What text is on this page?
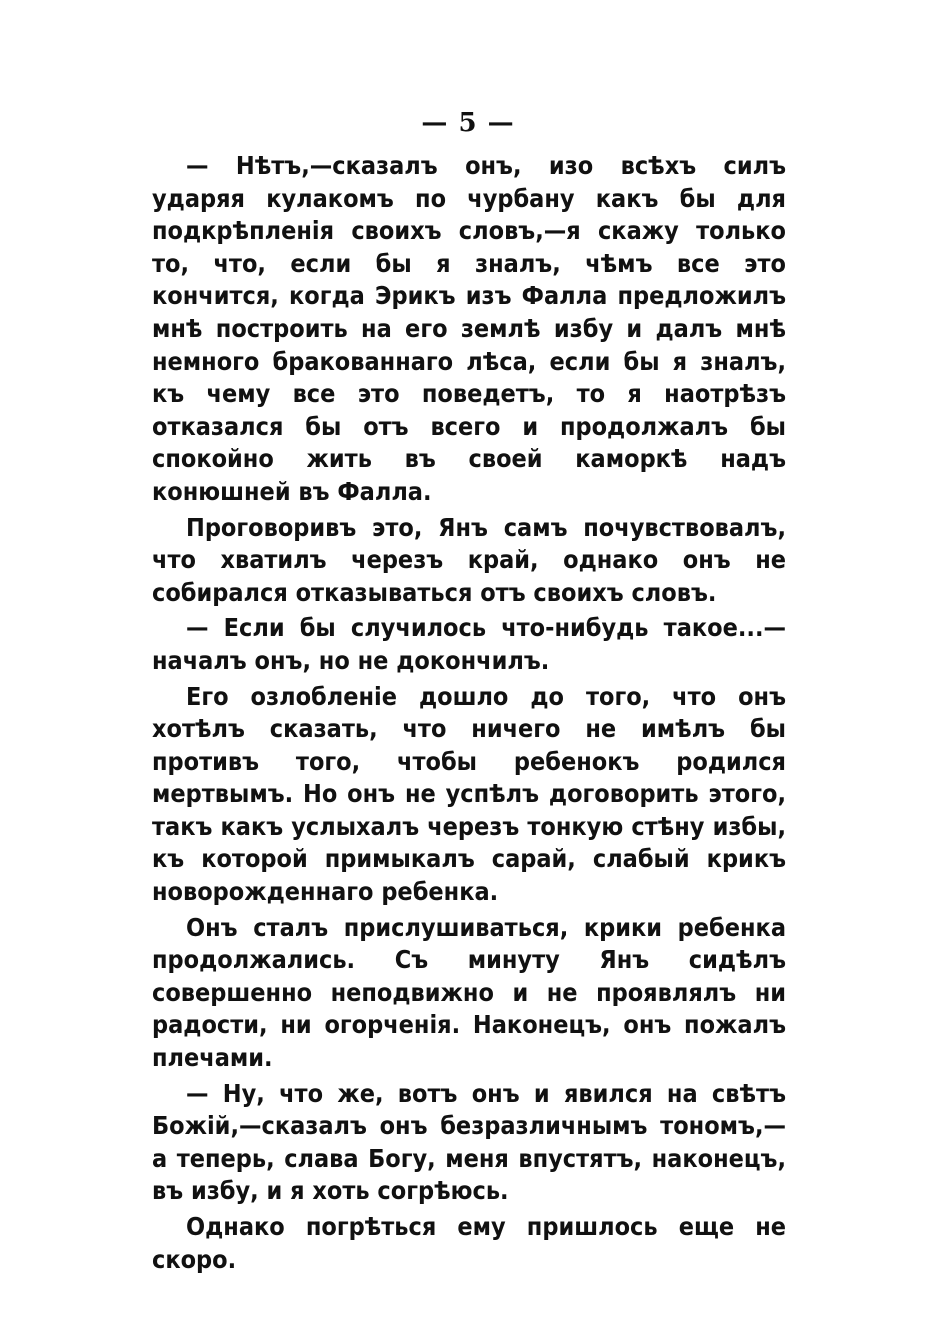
— 5 —

— Нѣтъ,—сказалъ онъ, изо всѣхъ силъ ударяя кулакомъ по чурбану какъ бы для подкрѣпленія своихъ словъ,—я скажу только то, что, если бы я зналъ, чѣмъ все это кончится, когда Эрикъ изъ Фалла предложилъ мнѣ построить на его землѣ избу и далъ мнѣ немного бракованнаго лѣса, если бы я зналъ, къ чему все это поведетъ, то я наотрѣзъ отказался бы отъ всего и продолжалъ бы спокойно жить въ своей каморкѣ надъ конюшней въ Фалла.

Проговоривъ это, Янъ самъ почувствовалъ, что хватилъ черезъ край, однако онъ не собирался отказываться отъ своихъ словъ.

— Если бы случилось что-нибудь такое...— началъ онъ, но не докончилъ.

Его озлобленіе дошло до того, что онъ хотѣлъ сказать, что ничего не имѣлъ бы противъ того, чтобы ребенокъ родился мертвымъ. Но онъ не успѣлъ договорить этого, такъ какъ услыхалъ черезъ тонкую стѣну избы, къ которой примыкалъ сарай, слабый крикъ новорожденнаго ребенка.

Онъ сталъ прислушиваться, крики ребенка продолжались. Съ минуту Янъ сидѣлъ совершенно неподвижно и не проявлялъ ни радости, ни огорченія. Наконецъ, онъ пожалъ плечами.

— Ну, что же, вотъ онъ и явился на свѣтъ Божій,—сказалъ онъ безразличнымъ тономъ,—а теперь, слава Богу, меня впустятъ, наконецъ, въ избу, и я хоть согрѣюсь.

Однако погрѣться ему пришлось еще не скоро.
